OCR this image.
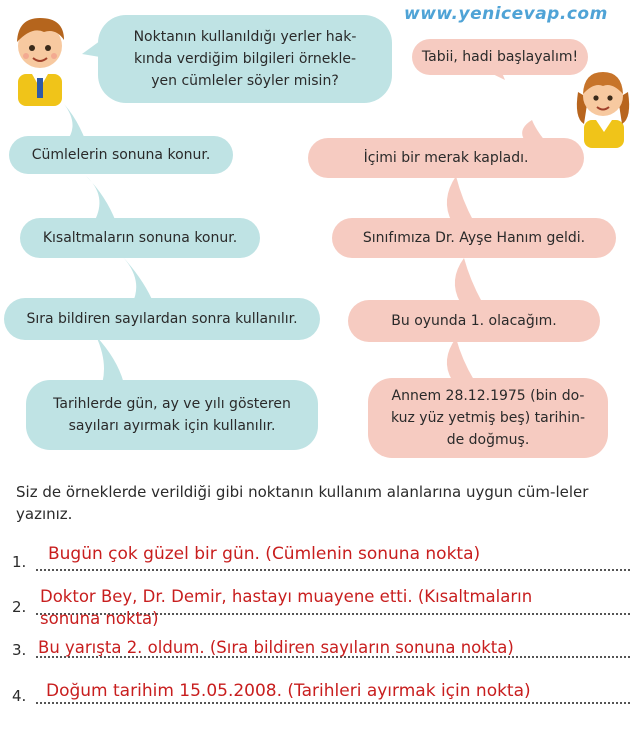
www.yenicevap.com
Noktanın kullanıldığı yerler hak-
kında verdiğim bilgileri örnekle-
yen cümleler söyler misin?
Tabii, hadi başlayalım!
Cümlelerin sonuna konur.
Kısaltmaların sonuna konur.
Sıra bildiren sayılardan sonra kullanılır.
Tarihlerde gün, ay ve yılı gösteren
sayıları ayırmak için kullanılır.
İçimi bir merak kapladı.
Sınıfımıza Dr. Ayşe Hanım geldi.
Bu oyunda 1. olacağım.
Annem 28.12.1975 (bin do-
kuz yüz yetmiş beş) tarihin-
de doğmuş.
Siz de örneklerde verildiği gibi noktanın kullanım alanlarına uygun cüm-leler yazınız.
1. Bugün çok güzel bir gün. (Cümlenin sonuna nokta)
2.
Doktor Bey, Dr. Demir, hastayı muayene etti. (Kısaltmaların
sonuna nokta)
3. Bu yarışta 2. oldum. (Sıra bildiren sayıların sonuna nokta)
4. Doğum tarihim 15.05.2008. (Tarihleri ayırmak için nokta)
